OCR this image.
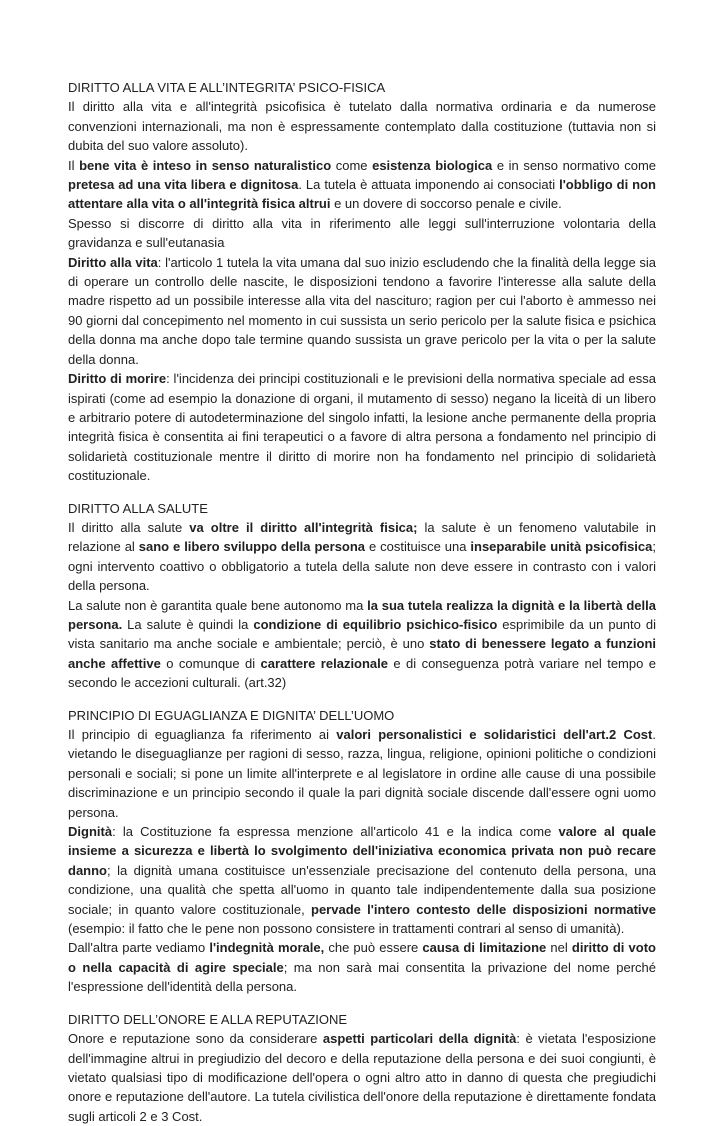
DIRITTO ALLA VITA E ALL’INTEGRITA’ PSICO-FISICA

Il diritto alla vita e all'integrità psicofisica è tutelato dalla normativa ordinaria e da numerose convenzioni internazionali, ma non è espressamente contemplato dalla costituzione (tuttavia non si dubita del suo valore assoluto).

Il bene vita è inteso in senso naturalistico come esistenza biologica e in senso normativo come pretesa ad una vita libera e dignitosa. La tutela è attuata imponendo ai consociati l'obbligo di non attentare alla vita o all'integrità fisica altrui e un dovere di soccorso penale e civile.

Spesso si discorre di diritto alla vita in riferimento alle leggi sull'interruzione volontaria della gravidanza e sull'eutanasia

Diritto alla vita: l'articolo 1 tutela la vita umana dal suo inizio escludendo che la finalità della legge sia di operare un controllo delle nascite, le disposizioni tendono a favorire l'interesse alla salute della madre rispetto ad un possibile interesse alla vita del nascituro; ragion per cui l'aborto è ammesso nei 90 giorni dal concepimento nel momento in cui sussista un serio pericolo per la salute fisica e psichica della donna ma anche dopo tale termine quando sussista un grave pericolo per la vita o per la salute della donna.

Diritto di morire: l'incidenza dei principi costituzionali e le previsioni della normativa speciale ad essa ispirati (come ad esempio la donazione di organi, il mutamento di sesso) negano la liceità di un libero e arbitrario potere di autodeterminazione del singolo infatti, la lesione anche permanente della propria integrità fisica è consentita ai fini terapeutici o a favore di altra persona a fondamento nel principio di solidarietà costituzionale mentre il diritto di morire non ha fondamento nel principio di solidarietà costituzionale.

DIRITTO ALLA SALUTE

Il diritto alla salute va oltre il diritto all'integrità fisica; la salute è un fenomeno valutabile in relazione al sano e libero sviluppo della persona e costituisce una inseparabile unità psicofisica; ogni intervento coattivo o obbligatorio a tutela della salute non deve essere in contrasto con i valori della persona.

La salute non è garantita quale bene autonomo ma la sua tutela realizza la dignità e la libertà della persona. La salute è quindi la condizione di equilibrio psichico-fisico esprimibile da un punto di vista sanitario ma anche sociale e ambientale; perciò, è uno stato di benessere legato a funzioni anche affettive o comunque di carattere relazionale e di conseguenza potrà variare nel tempo e secondo le accezioni culturali. (art.32)

PRINCIPIO DI EGUAGLIANZA E DIGNITA’ DELL’UOMO

Il principio di eguaglianza fa riferimento ai valori personalistici e solidaristici dell'art.2 Cost. vietando le diseguaglianze per ragioni di sesso, razza, lingua, religione, opinioni politiche o condizioni personali e sociali; si pone un limite all'interprete e al legislatore in ordine alle cause di una possibile discriminazione e un principio secondo il quale la pari dignità sociale discende dall'essere ogni uomo persona.

Dignità: la Costituzione fa espressa menzione all'articolo 41 e la indica come valore al quale insieme a sicurezza e libertà lo svolgimento dell'iniziativa economica privata non può recare danno; la dignità umana costituisce un'essenziale precisazione del contenuto della persona, una condizione, una qualità che spetta all'uomo in quanto tale indipendentemente dalla sua posizione sociale; in quanto valore costituzionale, pervade l'intero contesto delle disposizioni normative (esempio: il fatto che le pene non possono consistere in trattamenti contrari al senso di umanità).

Dall'altra parte vediamo l'indegnità morale, che può essere causa di limitazione nel diritto di voto o nella capacità di agire speciale; ma non sarà mai consentita la privazione del nome perché l'espressione dell'identità della persona.

DIRITTO DELL’ONORE E ALLA REPUTAZIONE

Onore e reputazione sono da considerare aspetti particolari della dignità: è vietata l'esposizione dell'immagine altrui in pregiudizio del decoro e della reputazione della persona e dei suoi congiunti, è vietato qualsiasi tipo di modificazione dell'opera o ogni altro atto in danno di questa che pregiudichi onore e reputazione dell'autore. La tutela civilistica dell'onore della reputazione è direttamente fondata sugli articoli 2 e 3 Cost.
